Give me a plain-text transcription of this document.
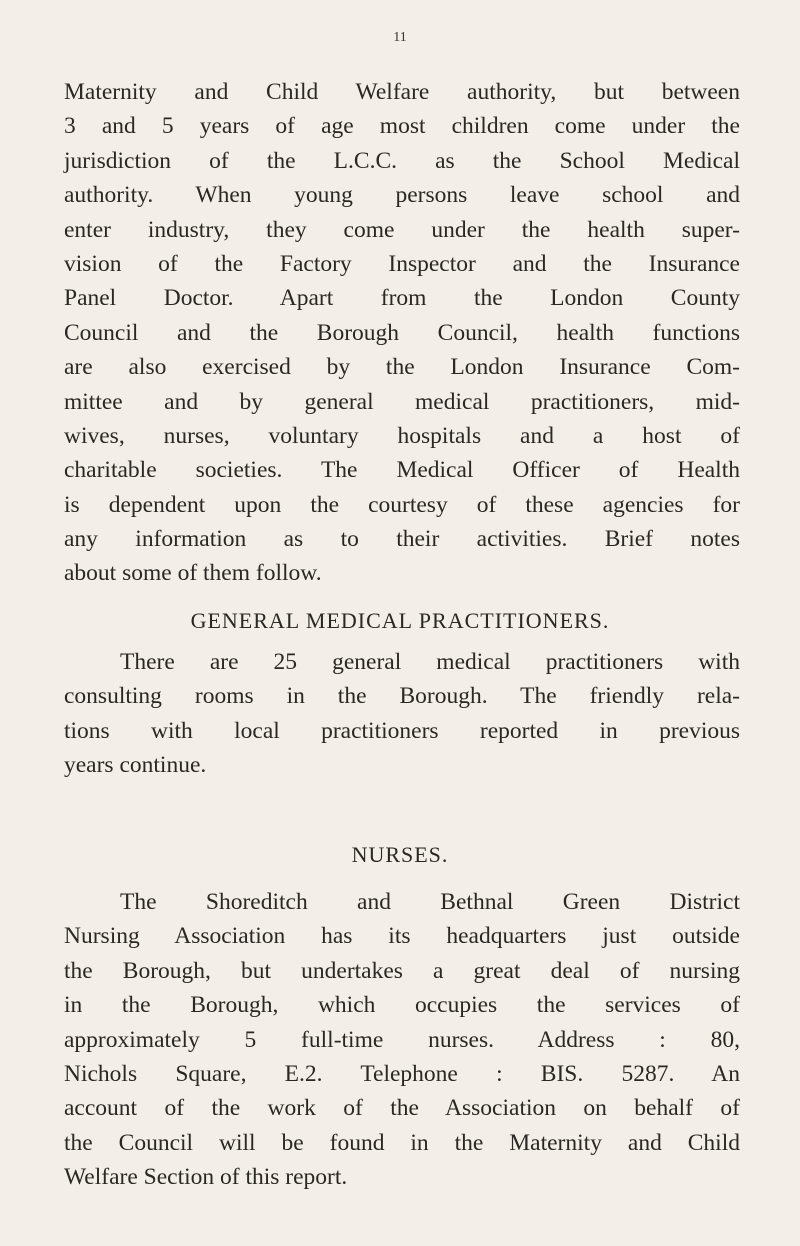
11
Maternity and Child Welfare authority, but between
3 and 5 years of age most children come under the
jurisdiction of the L.C.C. as the School Medical
authority. When young persons leave school and
enter industry, they come under the health super-
vision of the Factory Inspector and the Insurance
Panel Doctor. Apart from the London County
Council and the Borough Council, health functions
are also exercised by the London Insurance Com-
mittee and by general medical practitioners, mid-
wives, nurses, voluntary hospitals and a host of
charitable societies. The Medical Officer of Health
is dependent upon the courtesy of these agencies for
any information as to their activities. Brief notes
about some of them follow.
GENERAL MEDICAL PRACTITIONERS.
There are 25 general medical practitioners with
consulting rooms in the Borough. The friendly rela-
tions with local practitioners reported in previous
years continue.
NURSES.
The Shoreditch and Bethnal Green District
Nursing Association has its headquarters just outside
the Borough, but undertakes a great deal of nursing
in the Borough, which occupies the services of
approximately 5 full-time nurses. Address : 80,
Nichols Square, E.2. Telephone : BIS. 5287. An
account of the work of the Association on behalf of
the Council will be found in the Maternity and Child
Welfare Section of this report.
